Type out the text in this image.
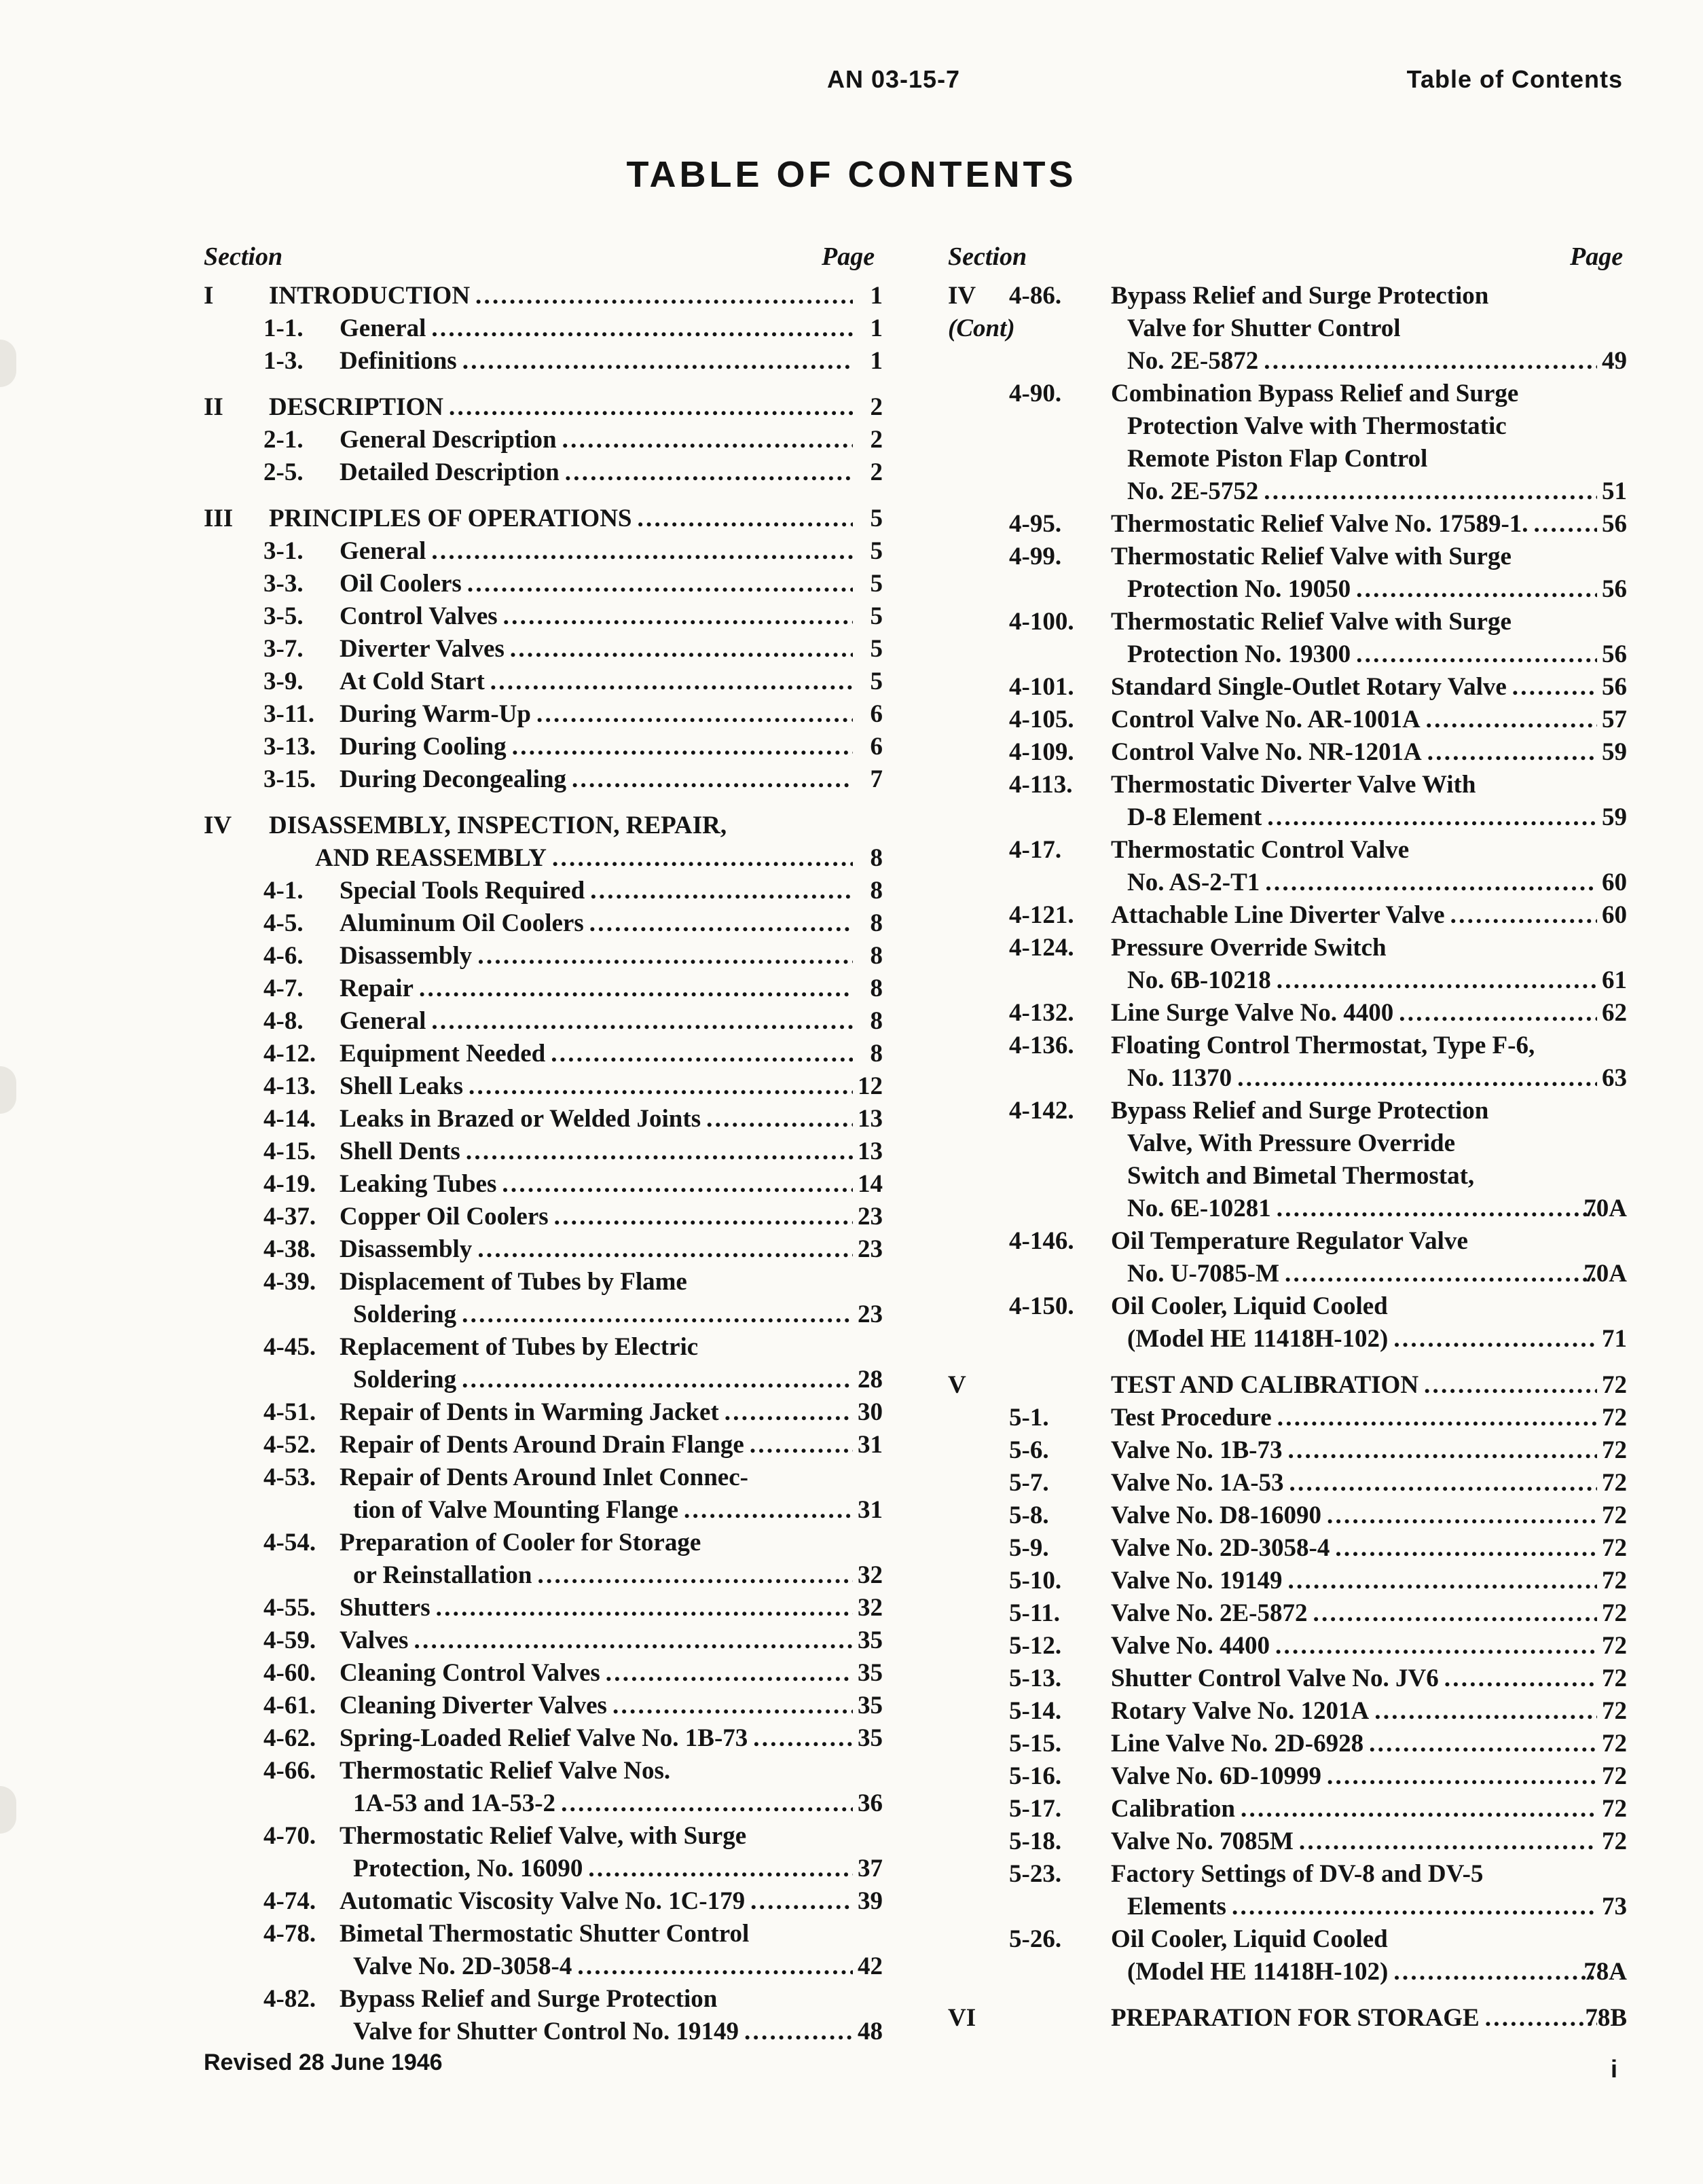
AN 03-15-7	Table of Contents
TABLE OF CONTENTS
Section	Page	Section	Page
I INTRODUCTION . . .	1
1-1. General . . .	1
1-3. Definitions . . .	1
II DESCRIPTION . . .	2
2-1. General Description . . .	2
2-5. Detailed Description . . .	2
III PRINCIPLES OF OPERATIONS . . .	5
3-1. General . . .	5
3-3. Oil Coolers . . .	5
3-5. Control Valves . . .	5
3-7. Diverter Valves . . .	5
3-9. At Cold Start . . .	5
3-11. During Warm-Up . . .	6
3-13. During Cooling . . .	6
3-15. During Decongealing . . .	7
IV DISASSEMBLY, INSPECTION, REPAIR,
AND REASSEMBLY . . .	8
4-1. Special Tools Required . . .	8
4-5. Aluminum Oil Coolers . . .	8
4-6. Disassembly . . .	8
4-7. Repair . . .	8
4-8. General . . .	8
4-12. Equipment Needed . . .	8
4-13. Shell Leaks . . .	12
4-14. Leaks in Brazed or Welded Joints . . .	13
4-15. Shell Dents . . .	13
4-19. Leaking Tubes . . .	14
4-37. Copper Oil Coolers . . .	23
4-38. Disassembly . . .	23
4-39. Displacement of Tubes by Flame
Soldering . . .	23
4-45. Replacement of Tubes by Electric
Soldering . . .	28
4-51. Repair of Dents in Warming Jacket . . .	30
4-52. Repair of Dents Around Drain Flange . . .	31
4-53. Repair of Dents Around Inlet Connec-
tion of Valve Mounting Flange . . .	31
4-54. Preparation of Cooler for Storage
or Reinstallation . . .	32
4-55. Shutters . . .	32
4-59. Valves . . .	35
4-60. Cleaning Control Valves . . .	35
4-61. Cleaning Diverter Valves . . .	35
4-62. Spring-Loaded Relief Valve No. 1B-73 . . .	35
4-66. Thermostatic Relief Valve Nos.
1A-53 and 1A-53-2 . . .	36
4-70. Thermostatic Relief Valve, with Surge
Protection, No. 16090 . . .	37
4-74. Automatic Viscosity Valve No. 1C-179 . . .	39
4-78. Bimetal Thermostatic Shutter Control
Valve No. 2D-3058-4 . . .	42
4-82. Bypass Relief and Surge Protection
Valve for Shutter Control No. 19149 . . .	48
IV 4-86. Bypass Relief and Surge Protection
(Cont)	Valve for Shutter Control
No. 2E-5872 . . .	49
4-90. Combination Bypass Relief and Surge
Protection Valve with Thermostatic
Remote Piston Flap Control
No. 2E-5752 . . .	51
4-95. Thermostatic Relief Valve No. 17589-1. . . .	56
4-99. Thermostatic Relief Valve with Surge
Protection No. 19050 . . .	56
4-100. Thermostatic Relief Valve with Surge
Protection No. 19300 . . .	56
4-101. Standard Single-Outlet Rotary Valve . . .	56
4-105. Control Valve No. AR-1001A . . .	57
4-109. Control Valve No. NR-1201A . . .	59
4-113. Thermostatic Diverter Valve With
D-8 Element . . .	59
4-17. Thermostatic Control Valve
No. AS-2-T1 . . .	60
4-121. Attachable Line Diverter Valve . . .	60
4-124. Pressure Override Switch
No. 6B-10218 . . .	61
4-132. Line Surge Valve No. 4400 . . .	62
4-136. Floating Control Thermostat, Type F-6,
No. 11370 . . .	63
4-142. Bypass Relief and Surge Protection
Valve, With Pressure Override
Switch and Bimetal Thermostat,
No. 6E-10281 . . .	70A
4-146. Oil Temperature Regulator Valve
No. U-7085-M . . .	70A
4-150. Oil Cooler, Liquid Cooled
(Model HE 11418H-102) . . .	71
V	TEST AND CALIBRATION . . .	72
5-1. Test Procedure . . .	72
5-6. Valve No. 1B-73 . . .	72
5-7. Valve No. 1A-53 . . .	72
5-8. Valve No. D8-16090 . . .	72
5-9. Valve No. 2D-3058-4 . . .	72
5-10. Valve No. 19149 . . .	72
5-11. Valve No. 2E-5872 . . .	72
5-12. Valve No. 4400 . . .	72
5-13. Shutter Control Valve No. JV6 . . .	72
5-14. Rotary Valve No. 1201A . . .	72
5-15. Line Valve No. 2D-6928 . . .	72
5-16. Valve No. 6D-10999 . . .	72
5-17. Calibration . . .	72
5-18. Valve No. 7085M . . .	72
5-23. Factory Settings of DV-8 and DV-5
Elements . . .	73
5-26. Oil Cooler, Liquid Cooled
(Model HE 11418H-102) . . .	78A
VI	PREPARATION FOR STORAGE . . .	78B
Revised 28 June 1946	i
